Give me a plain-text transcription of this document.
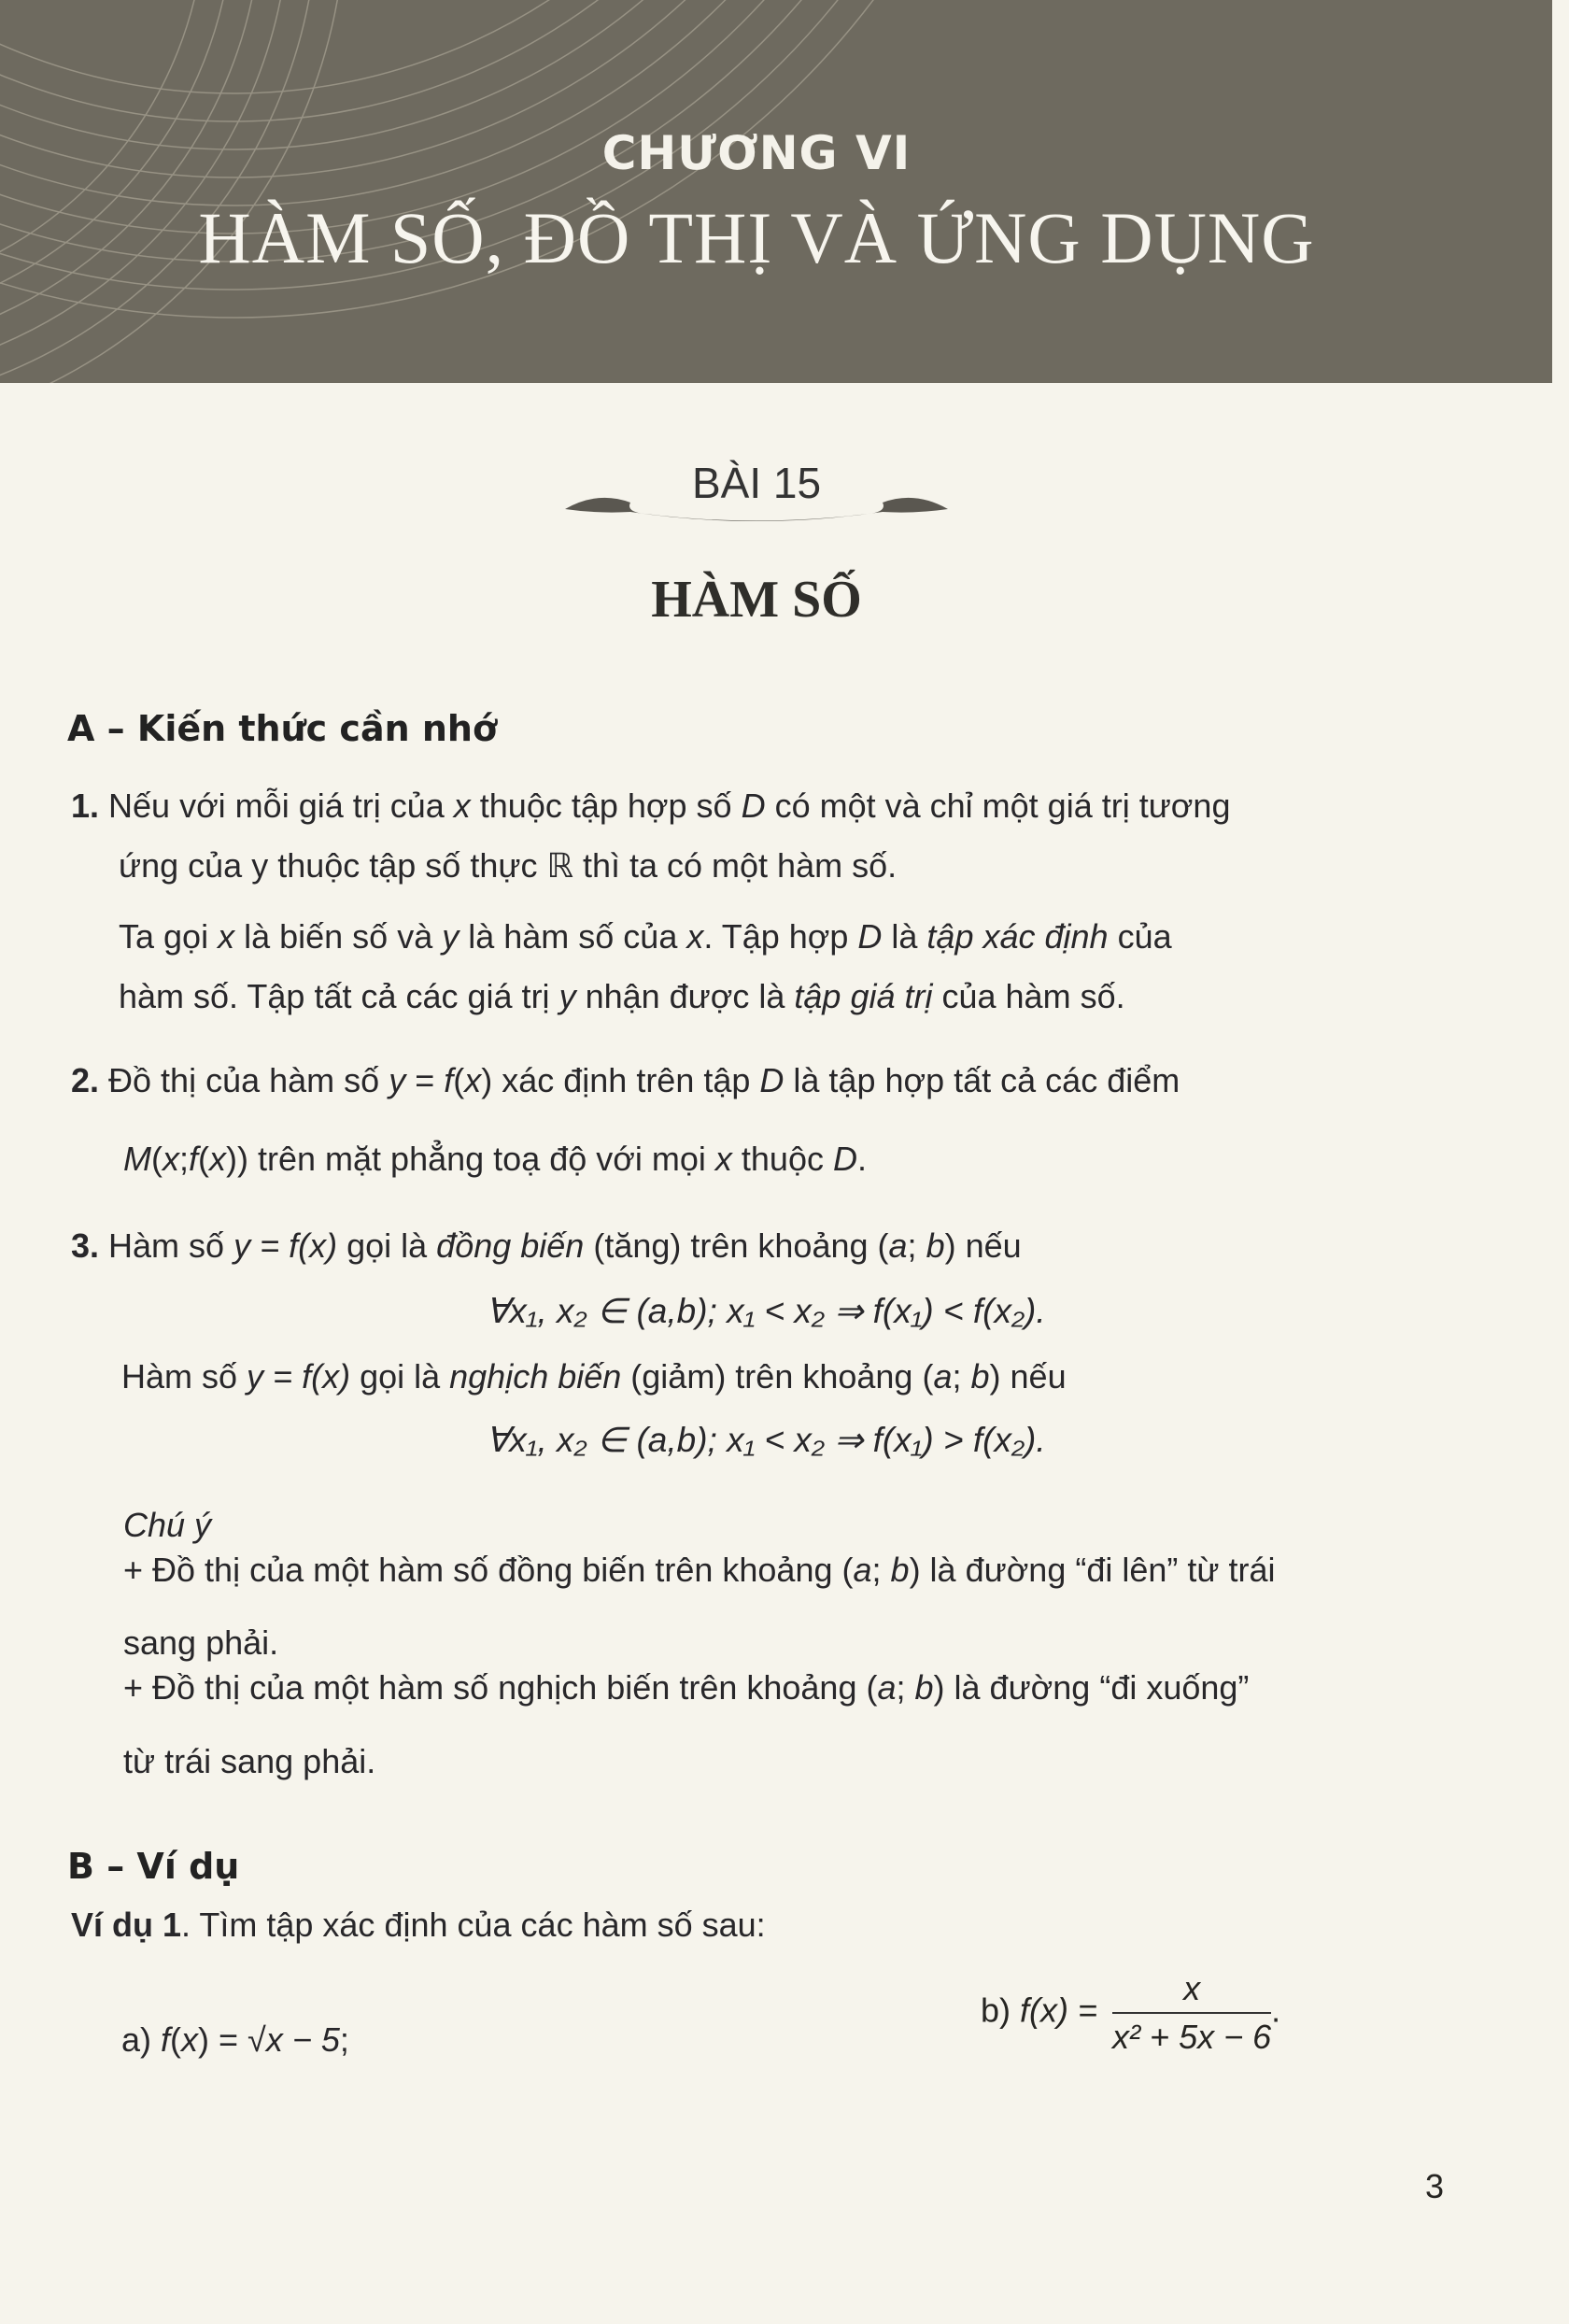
CHƯƠNG VI
HÀM SỐ, ĐỒ THỊ VÀ ỨNG DỤNG
BÀI 15
HÀM SỐ
A – Kiến thức cần nhớ
1. Nếu với mỗi giá trị của x thuộc tập hợp số D có một và chỉ một giá trị tương
ứng của y thuộc tập số thực ℝ thì ta có một hàm số.
Ta gọi x là biến số và y là hàm số của x. Tập hợp D là tập xác định của
hàm số. Tập tất cả các giá trị y nhận được là tập giá trị của hàm số.
2. Đồ thị của hàm số y = f(x) xác định trên tập D là tập hợp tất cả các điểm
M(x;f(x)) trên mặt phẳng toạ độ với mọi x thuộc D.
3. Hàm số y = f(x) gọi là đồng biến (tăng) trên khoảng (a; b) nếu
∀x₁, x₂ ∈ (a,b); x₁ < x₂ ⇒ f(x₁) < f(x₂).
Hàm số y = f(x) gọi là nghịch biến (giảm) trên khoảng (a; b) nếu
∀x₁, x₂ ∈ (a,b); x₁ < x₂ ⇒ f(x₁) > f(x₂).
Chú ý
+ Đồ thị của một hàm số đồng biến trên khoảng (a; b) là đường “đi lên” từ trái
sang phải.
+ Đồ thị của một hàm số nghịch biến trên khoảng (a; b) là đường “đi xuống”
từ trái sang phải.
B – Ví dụ
Ví dụ 1. Tìm tập xác định của các hàm số sau:
a) f(x) = √x − 5;
b) $f(x) = \frac{x}{\text{x² + 5x − 6}}$ .
3
